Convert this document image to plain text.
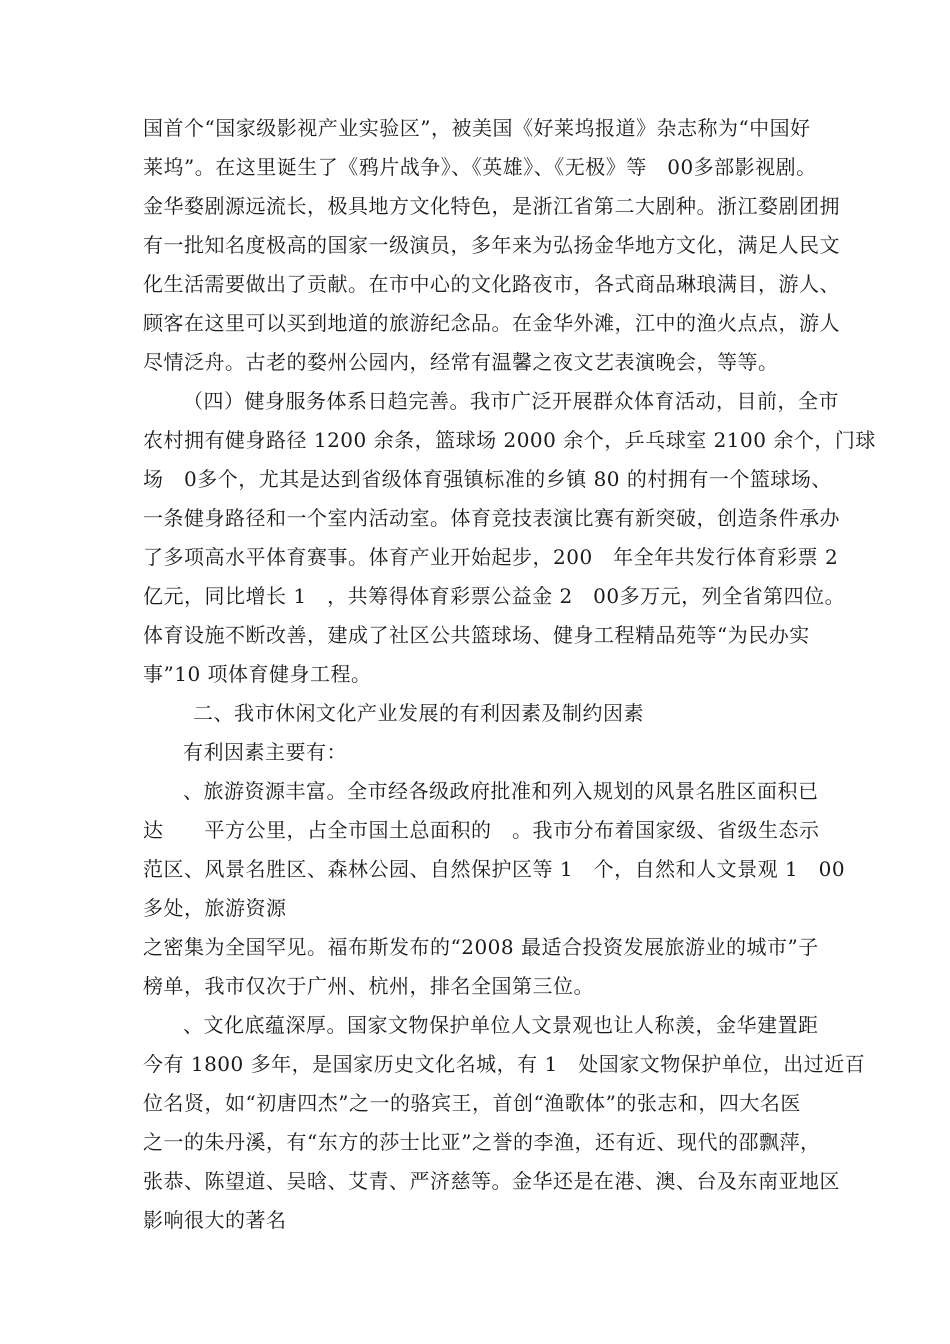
国首个“国家级影视产业实验区”，被美国《好莱坞报道》杂志称为“中国好
莱坞”。在这里诞生了《鸦片战争》、《英雄》、《无极》等　00多部影视剧。
金华婺剧源远流长，极具地方文化特色，是浙江省第二大剧种。浙江婺剧团拥
有一批知名度极高的国家一级演员，多年来为弘扬金华地方文化，满足人民文
化生活需要做出了贡献。在市中心的文化路夜市，各式商品琳琅满目，游人、
顾客在这里可以买到地道的旅游纪念品。在金华外滩，江中的渔火点点，游人
尽情泛舟。古老的婺州公园内，经常有温馨之夜文艺表演晚会，等等。
（四）健身服务体系日趋完善。我市广泛开展群众体育活动，目前，全市
农村拥有健身路径 1200 余条，篮球场 2000 余个，乒乓球室 2100 余个，门球
场　0多个，尤其是达到省级体育强镇标准的乡镇 80 的村拥有一个篮球场、
一条健身路径和一个室内活动室。体育竞技表演比赛有新突破，创造条件承办
了多项高水平体育赛事。体育产业开始起步，200　年全年共发行体育彩票 2
亿元，同比增长 1　，共筹得体育彩票公益金 2　00多万元，列全省第四位。
体育设施不断改善，建成了社区公共篮球场、健身工程精品苑等“为民办实
事”10 项体育健身工程。
二、我市休闲文化产业发展的有利因素及制约因素
有利因素主要有：
、旅游资源丰富。全市经各级政府批准和列入规划的风景名胜区面积已
达　　平方公里，占全市国土总面积的　。我市分布着国家级、省级生态示
范区、风景名胜区、森林公园、自然保护区等 1　个，自然和人文景观 1　00
多处，旅游资源
之密集为全国罕见。福布斯发布的“2008 最适合投资发展旅游业的城市”子
榜单，我市仅次于广州、杭州，排名全国第三位。
、文化底蕴深厚。国家文物保护单位人文景观也让人称羡，金华建置距
今有 1800 多年，是国家历史文化名城，有 1　处国家文物保护单位，出过近百
位名贤，如“初唐四杰”之一的骆宾王，首创“渔歌体”的张志和，四大名医
之一的朱丹溪，有“东方的莎士比亚”之誉的李渔，还有近、现代的邵飘萍，
张恭、陈望道、吴晗、艾青、严济慈等。金华还是在港、澳、台及东南亚地区
影响很大的著名
